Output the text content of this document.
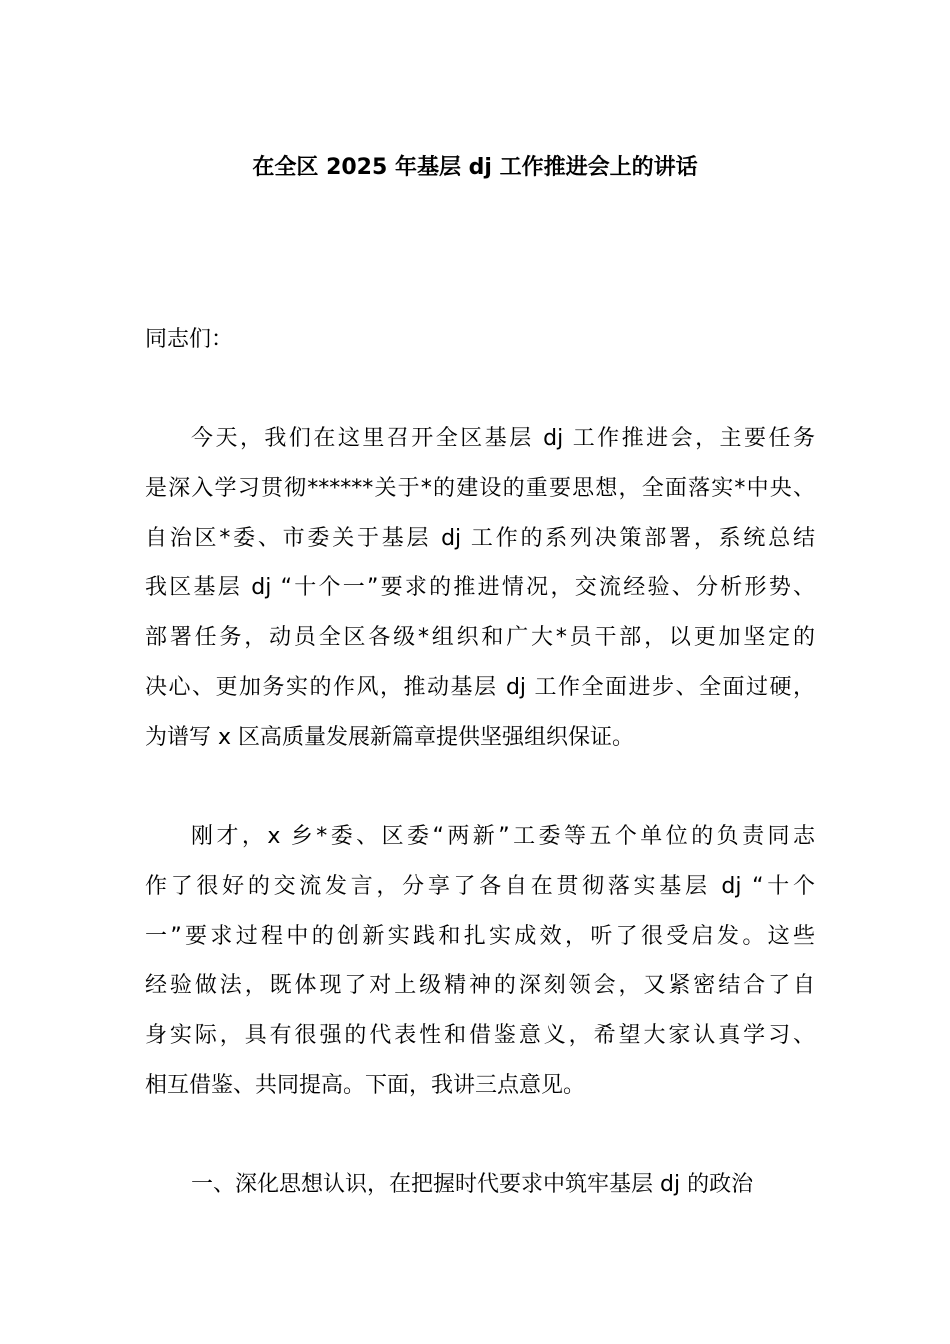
在全区 2025 年基层 dj 工作推进会上的讲话

同志们：

今天，我们在这里召开全区基层 dj 工作推进会，主要任务
是深入学习贯彻******关于*的建设的重要思想，全面落实*中央、
自治区*委、市委关于基层 dj 工作的系列决策部署，系统总结
我区基层 dj “十个一”要求的推进情况，交流经验、分析形势、
部署任务，动员全区各级*组织和广大*员干部，以更加坚定的
决心、更加务实的作风，推动基层 dj 工作全面进步、全面过硬，
为谱写 x 区高质量发展新篇章提供坚强组织保证。
刚才，x 乡*委、区委“两新”工委等五个单位的负责同志
作了很好的交流发言，分享了各自在贯彻落实基层 dj “十个
一”要求过程中的创新实践和扎实成效，听了很受启发。这些
经验做法，既体现了对上级精神的深刻领会，又紧密结合了自
身实际，具有很强的代表性和借鉴意义，希望大家认真学习、
相互借鉴、共同提高。下面，我讲三点意见。
一、深化思想认识，在把握时代要求中筑牢基层 dj 的政治
